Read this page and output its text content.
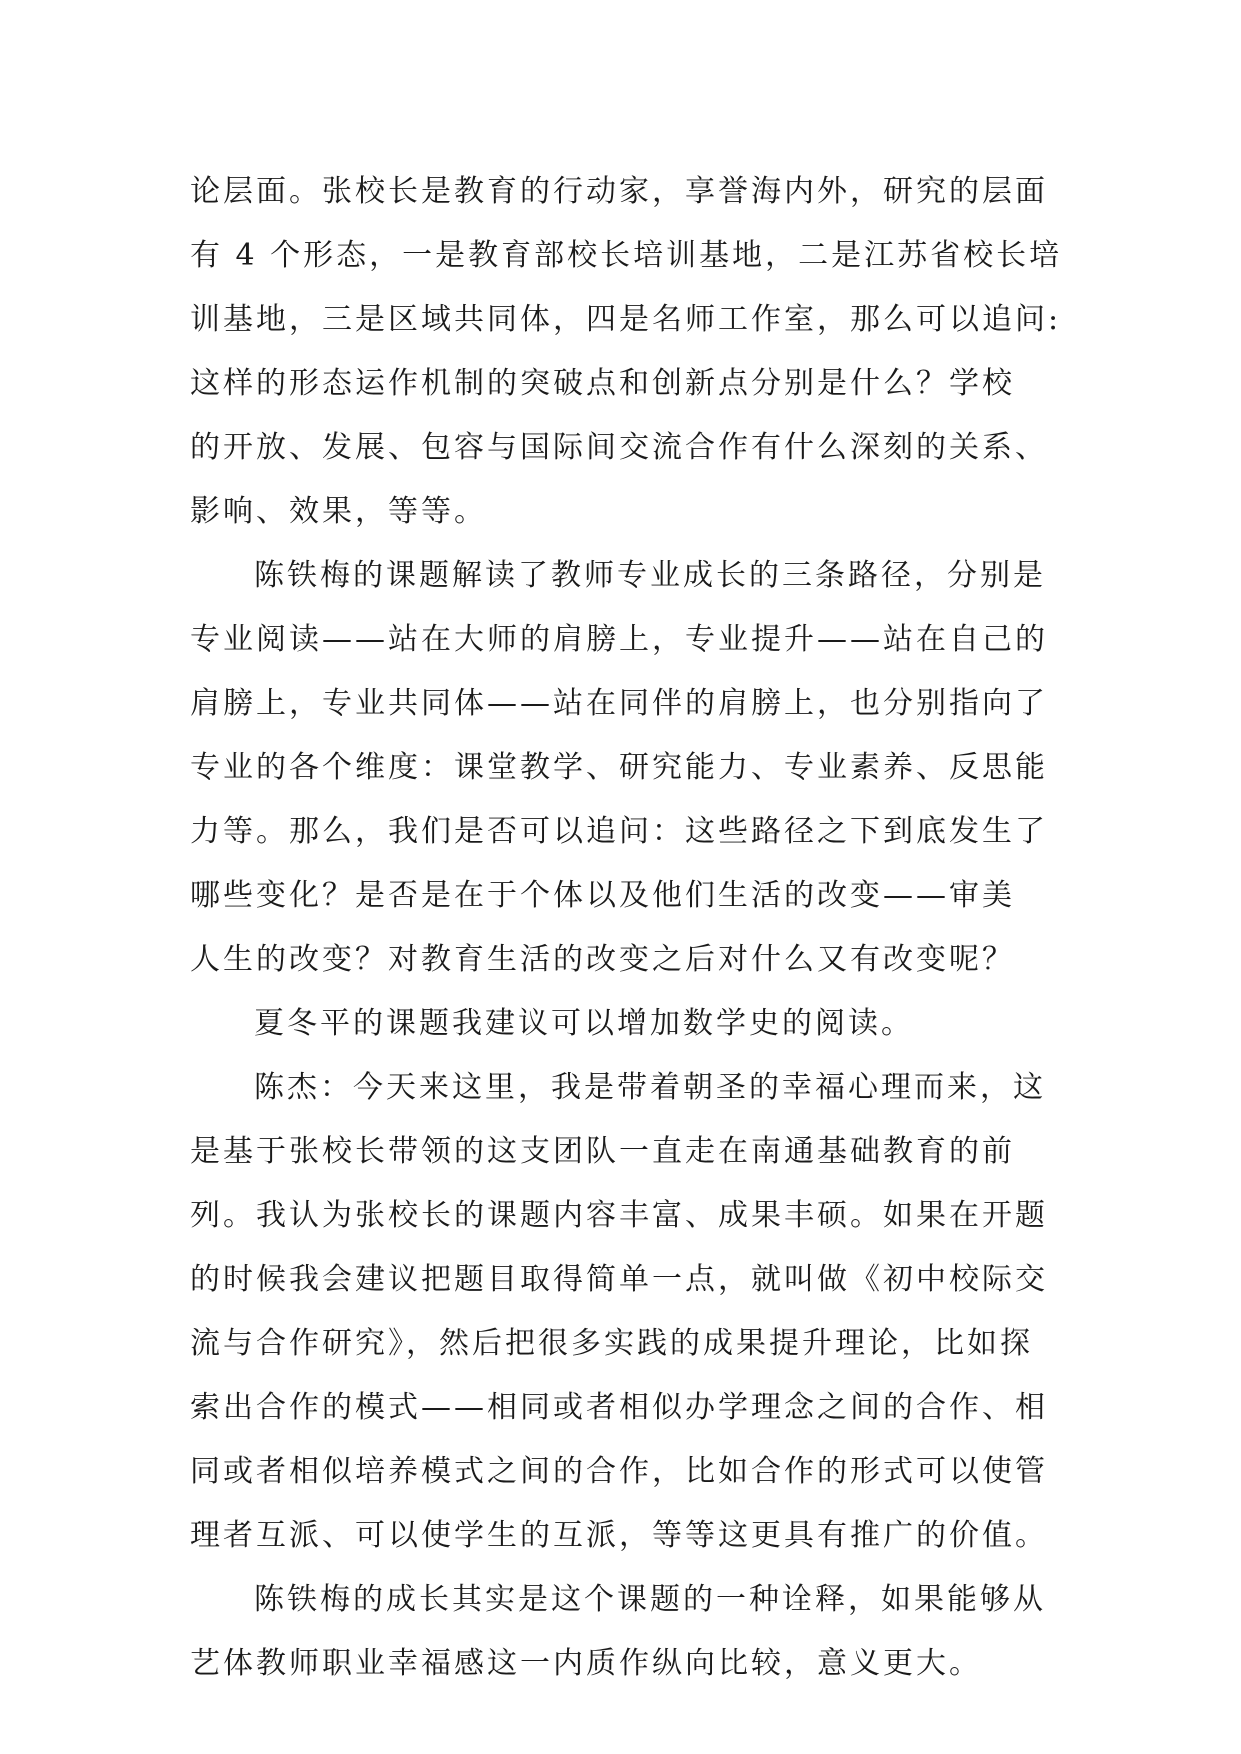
论层面。张校长是教育的行动家，享誉海内外，研究的层面
有 4 个形态，一是教育部校长培训基地，二是江苏省校长培
训基地，三是区域共同体，四是名师工作室，那么可以追问:
这样的形态运作机制的突破点和创新点分别是什么？学校
的开放、发展、包容与国际间交流合作有什么深刻的关系、
影响、效果，等等。
陈铁梅的课题解读了教师专业成长的三条路径，分别是
专业阅读——站在大师的肩膀上，专业提升——站在自己的
肩膀上，专业共同体——站在同伴的肩膀上，也分别指向了
专业的各个维度：课堂教学、研究能力、专业素养、反思能
力等。那么，我们是否可以追问：这些路径之下到底发生了
哪些变化？是否是在于个体以及他们生活的改变——审美
人生的改变？对教育生活的改变之后对什么又有改变呢？
夏冬平的课题我建议可以增加数学史的阅读。
陈杰：今天来这里，我是带着朝圣的幸福心理而来，这
是基于张校长带领的这支团队一直走在南通基础教育的前
列。我认为张校长的课题内容丰富、成果丰硕。如果在开题
的时候我会建议把题目取得简单一点，就叫做《初中校际交
流与合作研究》，然后把很多实践的成果提升理论，比如探
索出合作的模式——相同或者相似办学理念之间的合作、相
同或者相似培养模式之间的合作，比如合作的形式可以使管
理者互派、可以使学生的互派，等等这更具有推广的价值。
陈铁梅的成长其实是这个课题的一种诠释，如果能够从
艺体教师职业幸福感这一内质作纵向比较，意义更大。
